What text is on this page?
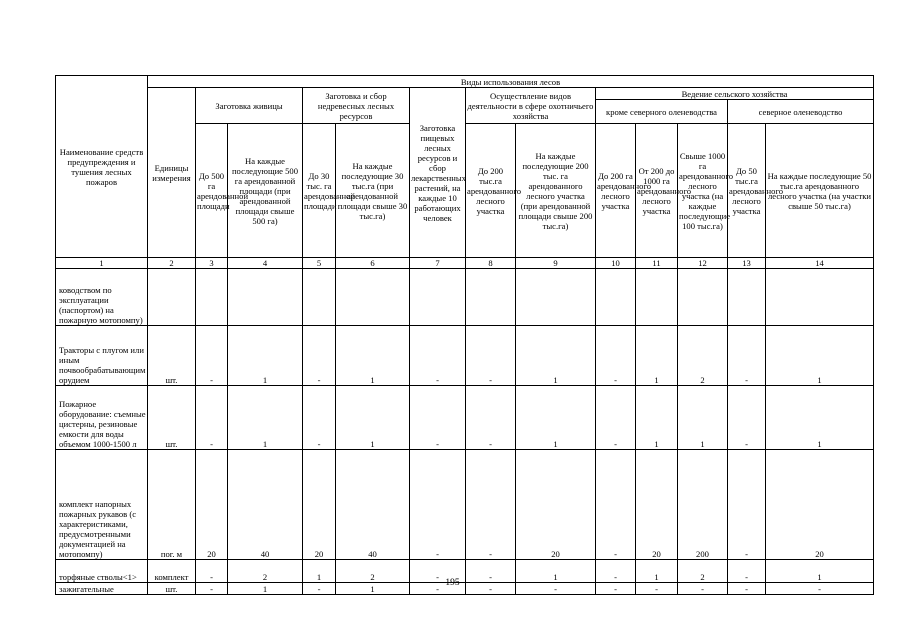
Наименование средств предупреждения и тушения лесных пожаров	Виды использования лесов												
	Единицы измерения	Заготовка живицы		Заготовка и сбор недревесных лесных ресурсов		Заготовка пищевых лесных ресурсов и сбор лекарственных растений, на каждые 10 работающих человек	Осуществление видов деятельности в сфере охотничьего хозяйства		Ведение сельского хозяйства				
									кроме северного оленеводства			северное оленеводство	
		До 500 га арендованной площади	На каждые последующие 500 га арендованной площади (при арендованной площади свыше 500 га)	До 30 тыс. га арендованной площади	На каждые последующие 30 тыс.га (при арендованной площади свыше 30 тыс.га)		До 200 тыс.га арендованного лесного участка	На каждые последующие 200 тыс. га арендованного лесного участка (при арендованной площади свыше 200 тыс.га)	До 200 га арендованного лесного участка	От 200 до 1000 га арендованного лесного участка	Свыше 1000 га арендованного лесного участка (на каждые последующие 100 тыс.га)	До 50 тыс.га арендованного лесного участка	На каждые последующие 50 тыс.га арендованного лесного участка (на участки свыше 50 тыс.га)
1	2	3	4	5	6	7	8	9	10	11	12	13	14
ководством по эксплуатации (паспортом) на пожарную мотопомпу)													
Тракторы с плугом или иным почвообрабатывающим орудием	шт.	-	1	-	1	-	-	1	-	1	2	-	1
Пожарное оборудование: съемные цистерны, резиновые емкости для воды объемом 1000-1500 л	шт.	-	1	-	1	-	-	1	-	1	1	-	1
комплект напорных пожарных рукавов (с характеристиками, предусмотренными документацией на мотопомпу)	пог. м	20	40	20	40	-	-	20	-	20	200	-	20
торфяные стволы<1>	комплект	-	2	1	2	-	-	1	-	1	2	-	1
зажигательные	шт.	-	1	-	1	-	-	-	-	-	-	-	-
195
